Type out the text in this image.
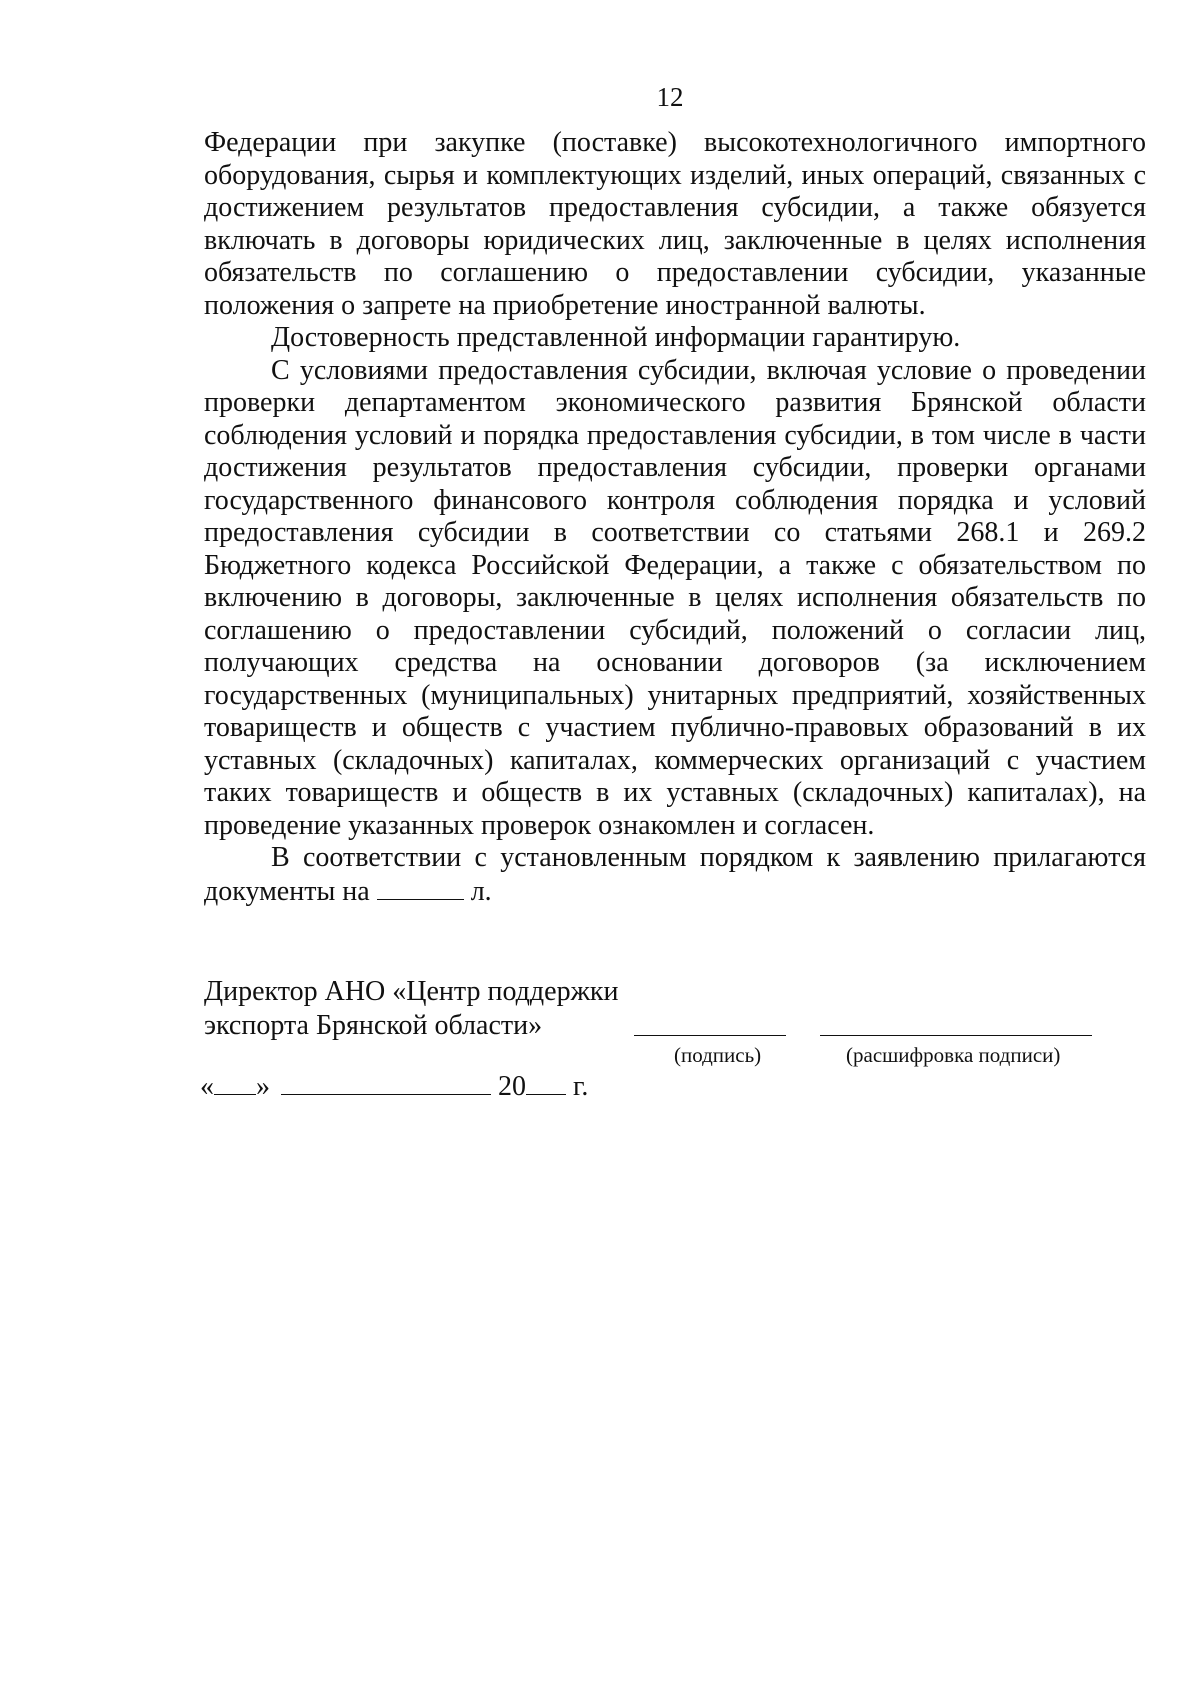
12

Федерации при закупке (поставке) высокотехнологичного импортного оборудования, сырья и комплектующих изделий, иных операций, связанных с достижением результатов предоставления субсидии, а также обязуется включать в договоры юридических лиц, заключенные в целях исполнения обязательств по соглашению о предоставлении субсидии, указанные положения о запрете на приобретение иностранной валюты.

Достоверность представленной информации гарантирую.

С условиями предоставления субсидии, включая условие о проведении проверки департаментом экономического развития Брянской области соблюдения условий и порядка предоставления субсидии, в том числе в части достижения результатов предоставления субсидии, проверки органами государственного финансового контроля соблюдения порядка и условий предоставления субсидии в соответствии со статьями 268.1 и 269.2 Бюджетного кодекса Российской Федерации, а также с обязательством по включению в договоры, заключенные в целях исполнения обязательств по соглашению о предоставлении субсидий, положений о согласии лиц, получающих средства на основании договоров (за исключением государственных (муниципальных) унитарных предприятий, хозяйственных товариществ и обществ с участием публично-правовых образований в их уставных (складочных) капиталах, коммерческих организаций с участием таких товариществ и обществ в их уставных (складочных) капиталах), на проведение указанных проверок ознакомлен и согласен.

В соответствии с установленным порядком к заявлению прилагаются документы на	л.

Директор АНО «Центр поддержки
экспорта Брянской области»
(подпись)	(расшифровка подписи)
« »	20 г.
